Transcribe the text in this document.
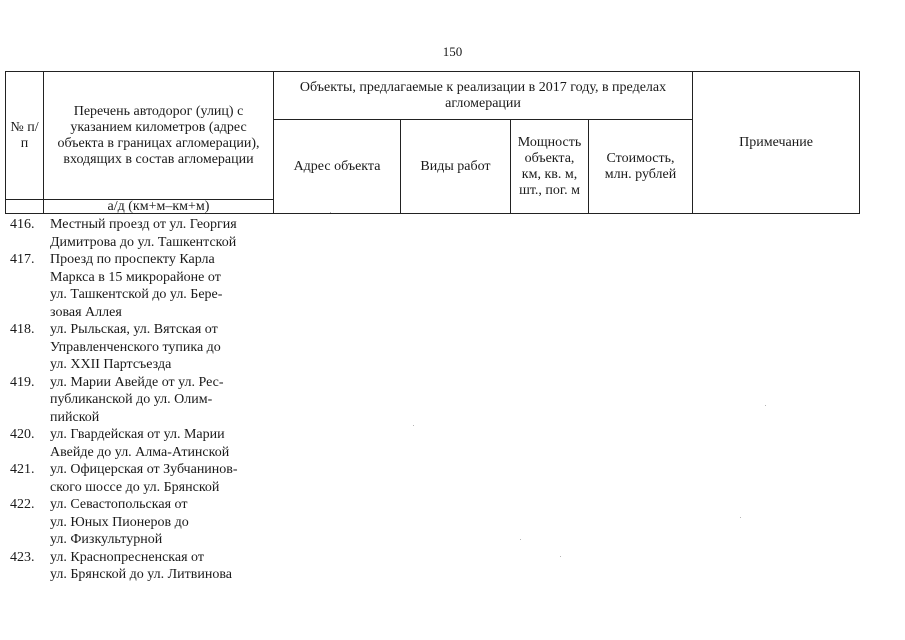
150
№ п/п	Перечень автодорог (улиц) с указанием километров (адрес объекта в границах агломерации), входящих в состав агломерации	Объекты, предлагаемые к реализации в 2017 году, в пределах агломерации				Примечание
		Адрес объекта	Виды работ	Мощность объекта, км, кв. м, шт., пог. м	Стоимость, млн. рублей	
	а/д (км+м–км+м)					
416.	Местный проезд от ул. Георгия
Димитрова до ул. Ташкентской
417.	Проезд по проспекту Карла
Маркса в 15 микрорайоне от
ул. Ташкентской до ул. Бере-
зовая Аллея
418.	ул. Рыльская, ул. Вятская от
Управленченского тупика до
ул. XXII Партсъезда
419.	ул. Марии Авейде от ул. Рес-
публиканской до ул. Олим-
пийской
420.	ул. Гвардейская от ул. Марии
Авейде до ул. Алма-Атинской
421.	ул. Офицерская от Зубчанинов-
ского шоссе до ул. Брянской
422.	ул. Севастопольская от
ул. Юных Пионеров до
ул. Физкультурной
423.	ул. Краснопресненская от
ул. Брянской до ул. Литвинова
